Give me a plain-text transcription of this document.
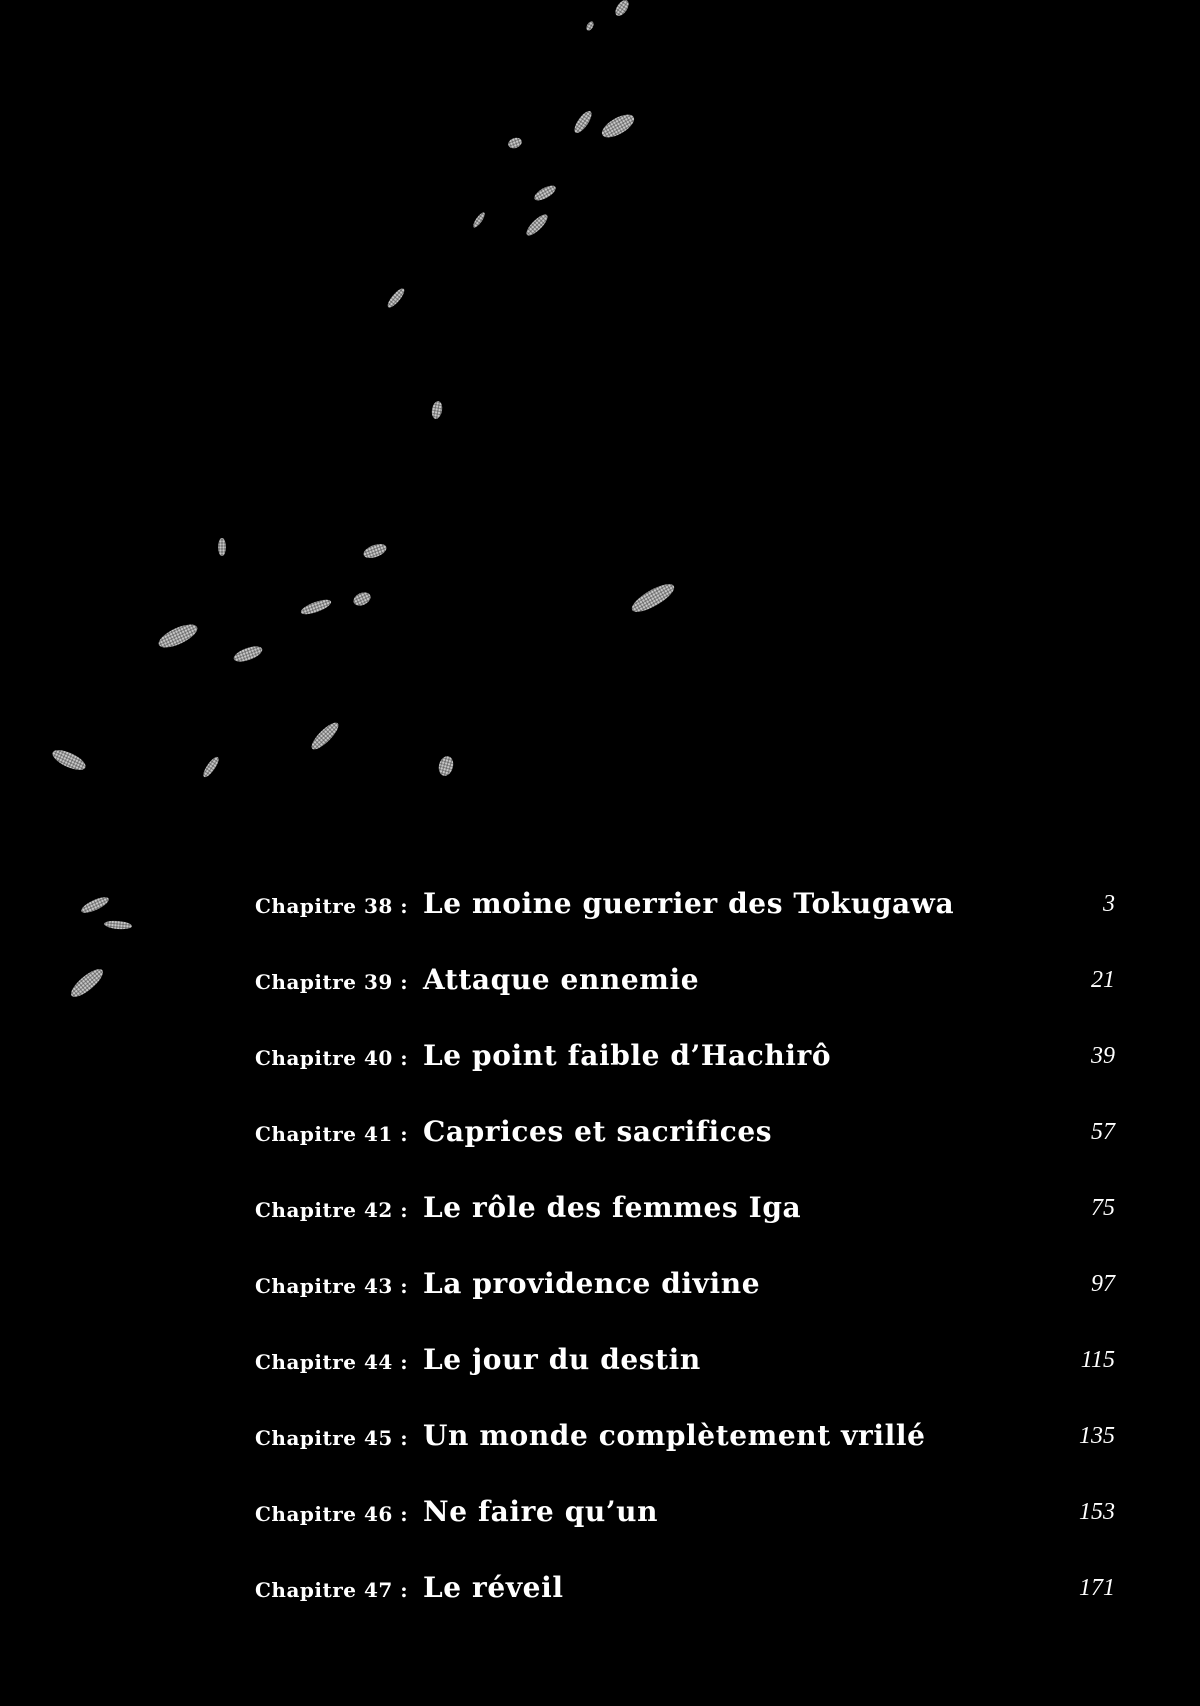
Chapitre 38 : Le moine guerrier des Tokugawa	3
Chapitre 39 : Attaque ennemie	21
Chapitre 40 : Le point faible d’Hachirô	39
Chapitre 41 : Caprices et sacrifices	57
Chapitre 42 : Le rôle des femmes Iga	75
Chapitre 43 : La providence divine	97
Chapitre 44 : Le jour du destin	115
Chapitre 45 : Un monde complètement vrillé	135
Chapitre 46 : Ne faire qu’un	153
Chapitre 47 : Le réveil	171
